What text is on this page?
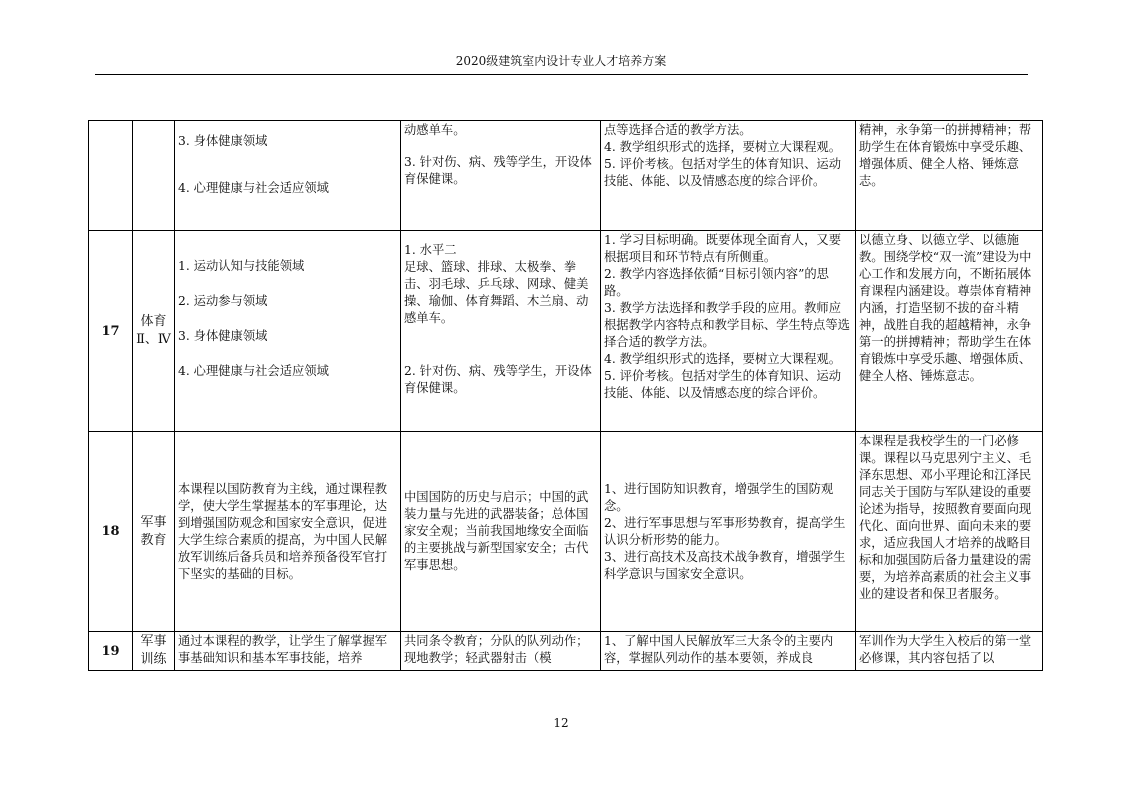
2020级建筑室内设计专业人才培养方案

		3. 身体健康领域
4. 心理健康与社会适应领域	动感单车。
3. 针对伤、病、残等学生，开设体育保健课。	点等选择合适的教学方法。
4. 教学组织形式的选择，要树立大课程观。
5. 评价考核。包括对学生的体育知识、运动技能、体能、以及情感态度的综合评价。	精神，永争第一的拼搏精神；帮助学生在体育锻炼中享受乐趣、增强体质、健全人格、锤炼意志。
17	体育Ⅱ、Ⅳ	1. 运动认知与技能领域
2. 运动参与领域
3. 身体健康领域
4. 心理健康与社会适应领域	1. 水平二
足球、篮球、排球、太极拳、拳击、羽毛球、乒乓球、网球、健美操、瑜伽、体育舞蹈、木兰扇、动感单车。
2. 针对伤、病、残等学生，开设体育保健课。	1. 学习目标明确。既要体现全面育人，又要根据项目和环节特点有所侧重。
2. 教学内容选择依循“目标引领内容”的思路。
3. 教学方法选择和教学手段的应用。教师应根据教学内容特点和教学目标、学生特点等选择合适的教学方法。
4. 教学组织形式的选择，要树立大课程观。
5. 评价考核。包括对学生的体育知识、运动技能、体能、以及情感态度的综合评价。	以德立身、以德立学、以德施教。围绕学校“双一流”建设为中心工作和发展方向，不断拓展体育课程内涵建设。尊崇体育精神内涵，打造坚韧不拔的奋斗精神，战胜自我的超越精神，永争第一的拼搏精神；帮助学生在体育锻炼中享受乐趣、增强体质、健全人格、锤炼意志。
18	军事教育	本课程以国防教育为主线，通过课程教学，使大学生掌握基本的军事理论，达到增强国防观念和国家安全意识，促进大学生综合素质的提高，为中国人民解放军训练后备兵员和培养预备役军官打下坚实的基础的目标。	中国国防的历史与启示；中国的武装力量与先进的武器装备；总体国家安全观；当前我国地缘安全面临的主要挑战与新型国家安全；古代军事思想。	1、进行国防知识教育，增强学生的国防观念。
2、进行军事思想与军事形势教育，提高学生认识分析形势的能力。
3、进行高技术及高技术战争教育，增强学生科学意识与国家安全意识。	本课程是我校学生的一门必修课。课程以马克思列宁主义、毛泽东思想、邓小平理论和江泽民同志关于国防与军队建设的重要论述为指导，按照教育要面向现代化、面向世界、面向未来的要求，适应我国人才培养的战略目标和加强国防后备力量建设的需要，为培养高素质的社会主义事业的建设者和保卫者服务。
19	军事训练	通过本课程的教学，让学生了解掌握军事基础知识和基本军事技能，培养	共同条令教育；分队的队列动作；现地教学；轻武器射击（模	1、了解中国人民解放军三大条令的主要内容，掌握队列动作的基本要领，养成良	军训作为大学生入校后的第一堂必修课，其内容包括了以
12
